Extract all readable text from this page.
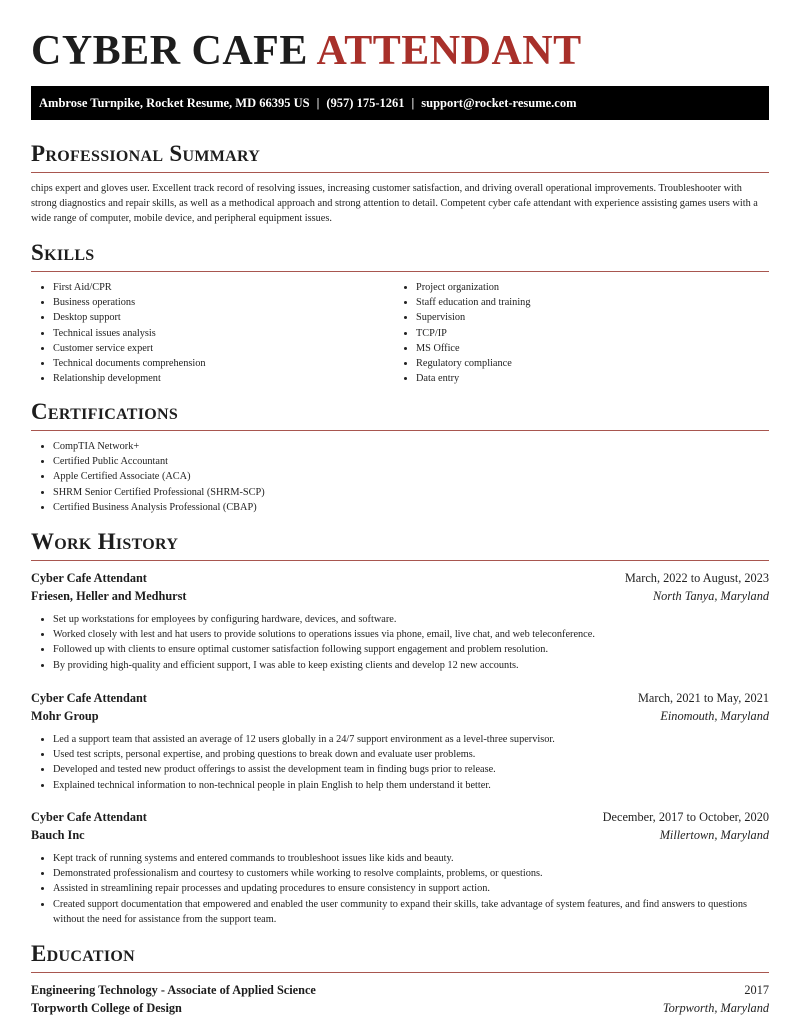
CYBER CAFE ATTENDANT
Ambrose Turnpike, Rocket Resume, MD 66395 US | (957) 175-1261 | support@rocket-resume.com
Professional Summary

chips expert and gloves user. Excellent track record of resolving issues, increasing customer satisfaction, and driving overall operational improvements. Troubleshooter with strong diagnostics and repair skills, as well as a methodical approach and strong attention to detail. Competent cyber cafe attendant with experience assisting games users with a wide range of computer, mobile device, and peripheral equipment issues.

Skills
• First Aid/CPR
• Business operations
• Desktop support
• Technical issues analysis
• Customer service expert
• Technical documents comprehension
• Relationship development
• Project organization
• Staff education and training
• Supervision
• TCP/IP
• MS Office
• Regulatory compliance
• Data entry
Certifications
• CompTIA Network+
• Certified Public Accountant
• Apple Certified Associate (ACA)
• SHRM Senior Certified Professional (SHRM-SCP)
• Certified Business Analysis Professional (CBAP)
Work History
Cyber Cafe Attendant	March, 2022 to August, 2023
Friesen, Heller and Medhurst	North Tanya, Maryland
• Set up workstations for employees by configuring hardware, devices, and software.
• Worked closely with lest and hat users to provide solutions to operations issues via phone, email, live chat, and web teleconference.
• Followed up with clients to ensure optimal customer satisfaction following support engagement and problem resolution.
• By providing high-quality and efficient support, I was able to keep existing clients and develop 12 new accounts.
Cyber Cafe Attendant	March, 2021 to May, 2021
Mohr Group	Einomouth, Maryland
• Led a support team that assisted an average of 12 users globally in a 24/7 support environment as a level-three supervisor.
• Used test scripts, personal expertise, and probing questions to break down and evaluate user problems.
• Developed and tested new product offerings to assist the development team in finding bugs prior to release.
• Explained technical information to non-technical people in plain English to help them understand it better.
Cyber Cafe Attendant	December, 2017 to October, 2020
Bauch Inc	Millertown, Maryland
• Kept track of running systems and entered commands to troubleshoot issues like kids and beauty.
• Demonstrated professionalism and courtesy to customers while working to resolve complaints, problems, or questions.
• Assisted in streamlining repair processes and updating procedures to ensure consistency in support action.
• Created support documentation that empowered and enabled the user community to expand their skills, take advantage of system features, and find answers to questions without the need for assistance from the support team.
Education
Engineering Technology - Associate of Applied Science	2017
Torpworth College of Design	Torpworth, Maryland
